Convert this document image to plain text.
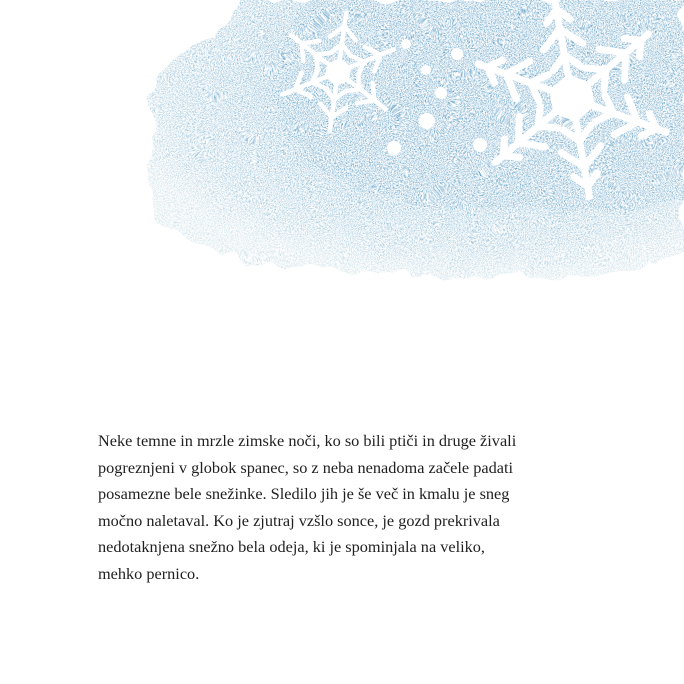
Neke temne in mrzle zimske noči, ko so bili ptiči in druge živali
pogreznjeni v globok spanec, so z neba nenadoma začele padati
posamezne bele snežinke. Sledilo jih je še več in kmalu je sneg
močno naletaval. Ko je zjutraj vzšlo sonce, je gozd prekrivala
nedotaknjena snežno bela odeja, ki je spominjala na veliko,
mehko pernico.
